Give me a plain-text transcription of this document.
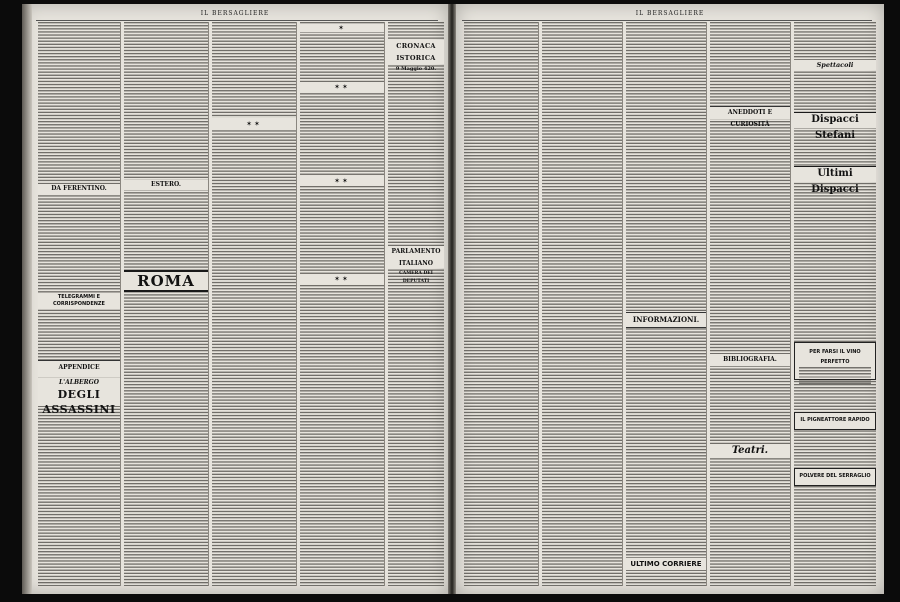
IL BERSAGLIERE
DA FERENTINO.
TELEGRAMMI E CORRISPONDENZE
APPENDICE
L'ALBERGO
DEGLI ASSASSINI
ESTERO.
ROMA
✶✶
✶
✶✶
✶✶
✶✶
CRONACA ISTORICA
9 Maggio 420.
PARLAMENTO ITALIANO
CAMERA DEI DEPUTATI
IL BERSAGLIERE
INFORMAZIONI.
ULTIMO CORRIERE
ANEDDOTI E CURIOSITÀ
BIBLIOGRAFIA.
Teatri.
Spettacoli
Dispacci Stefani
Ultimi Dispacci
PER FARSI IL VINO PERFETTO
IL PIGNEATTORE RAPIDO
POLVERE DEL SERRAGLIO
